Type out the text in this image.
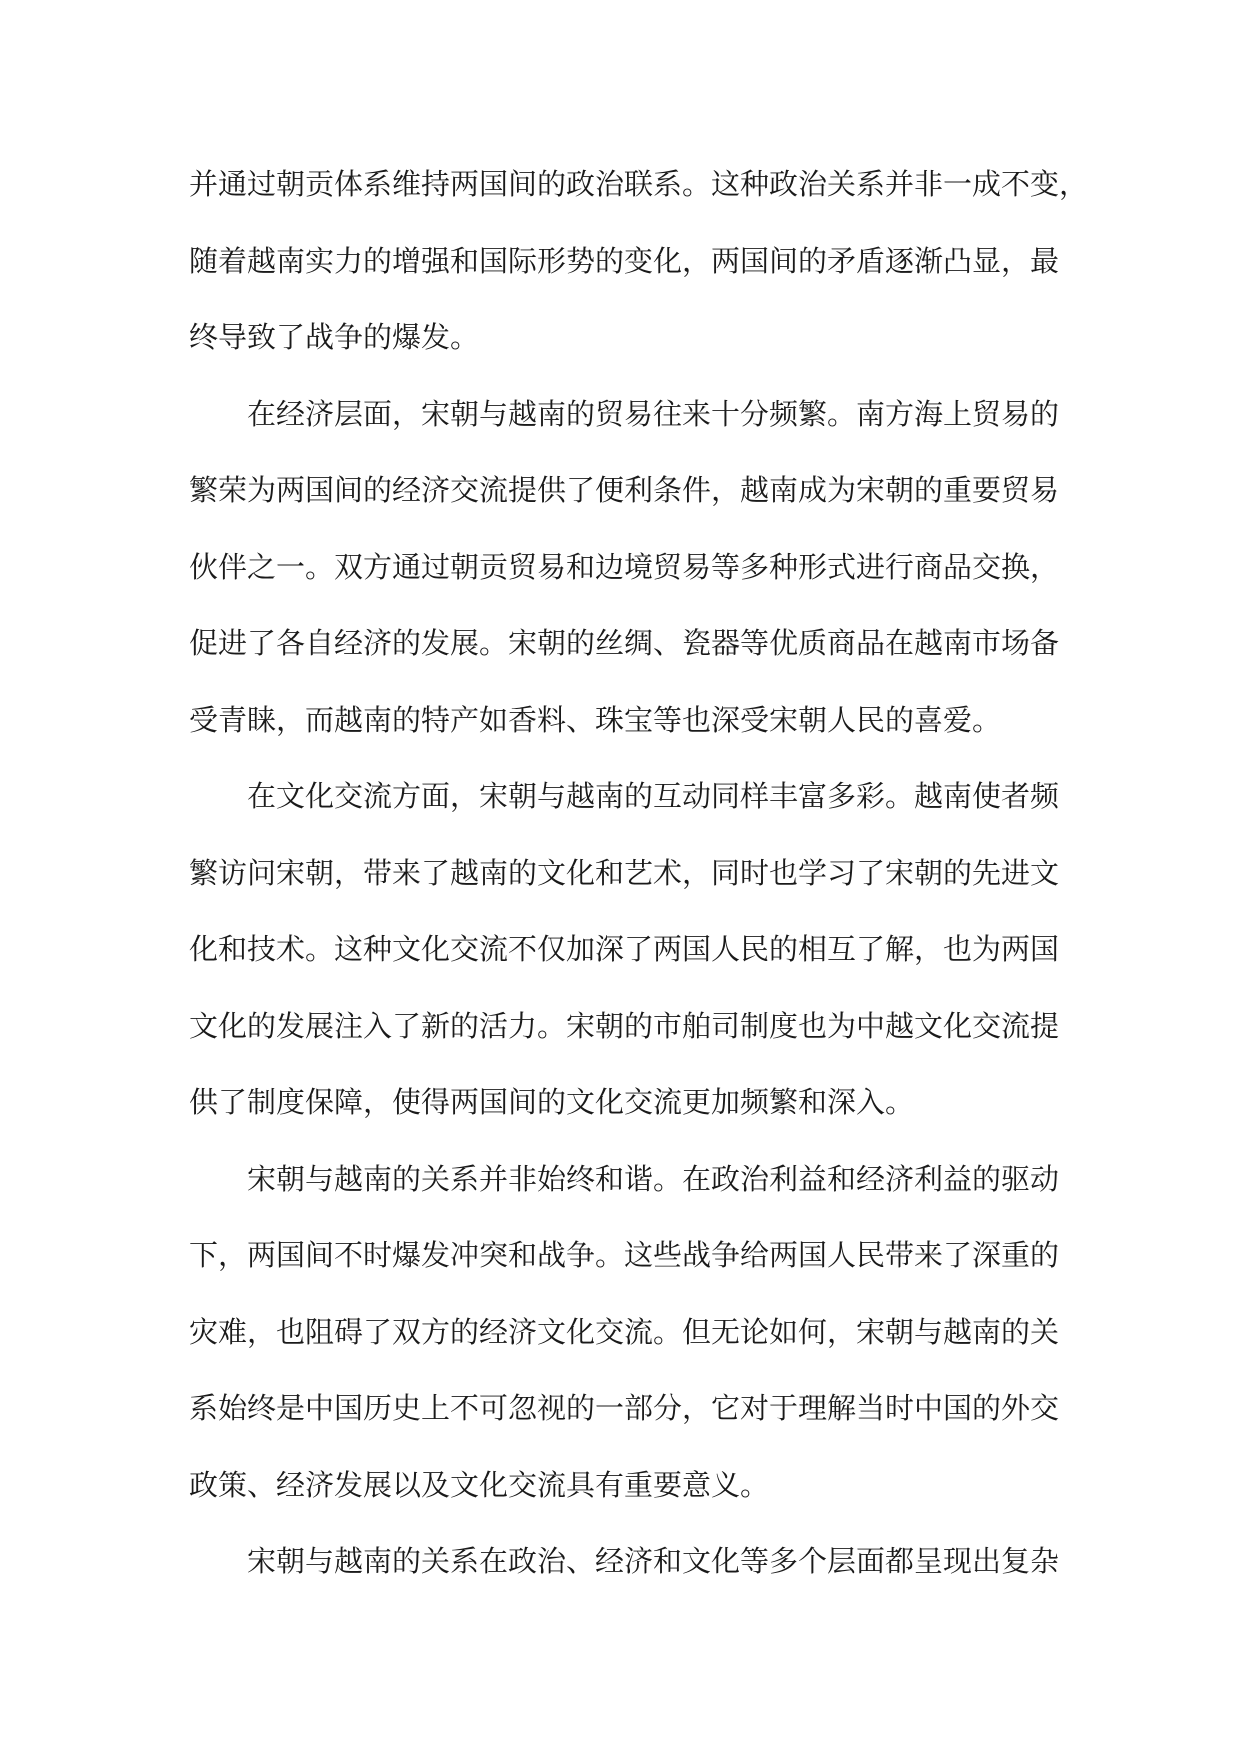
并通过朝贡体系维持两国间的政治联系。这种政治关系并非一成不变，
随着越南实力的增强和国际形势的变化，两国间的矛盾逐渐凸显，最
终导致了战争的爆发。
在经济层面，宋朝与越南的贸易往来十分频繁。南方海上贸易的
繁荣为两国间的经济交流提供了便利条件，越南成为宋朝的重要贸易
伙伴之一。双方通过朝贡贸易和边境贸易等多种形式进行商品交换，
促进了各自经济的发展。宋朝的丝绸、瓷器等优质商品在越南市场备
受青睐，而越南的特产如香料、珠宝等也深受宋朝人民的喜爱。
在文化交流方面，宋朝与越南的互动同样丰富多彩。越南使者频
繁访问宋朝，带来了越南的文化和艺术，同时也学习了宋朝的先进文
化和技术。这种文化交流不仅加深了两国人民的相互了解，也为两国
文化的发展注入了新的活力。宋朝的市舶司制度也为中越文化交流提
供了制度保障，使得两国间的文化交流更加频繁和深入。
宋朝与越南的关系并非始终和谐。在政治利益和经济利益的驱动
下，两国间不时爆发冲突和战争。这些战争给两国人民带来了深重的
灾难，也阻碍了双方的经济文化交流。但无论如何，宋朝与越南的关
系始终是中国历史上不可忽视的一部分，它对于理解当时中国的外交
政策、经济发展以及文化交流具有重要意义。
宋朝与越南的关系在政治、经济和文化等多个层面都呈现出复杂
